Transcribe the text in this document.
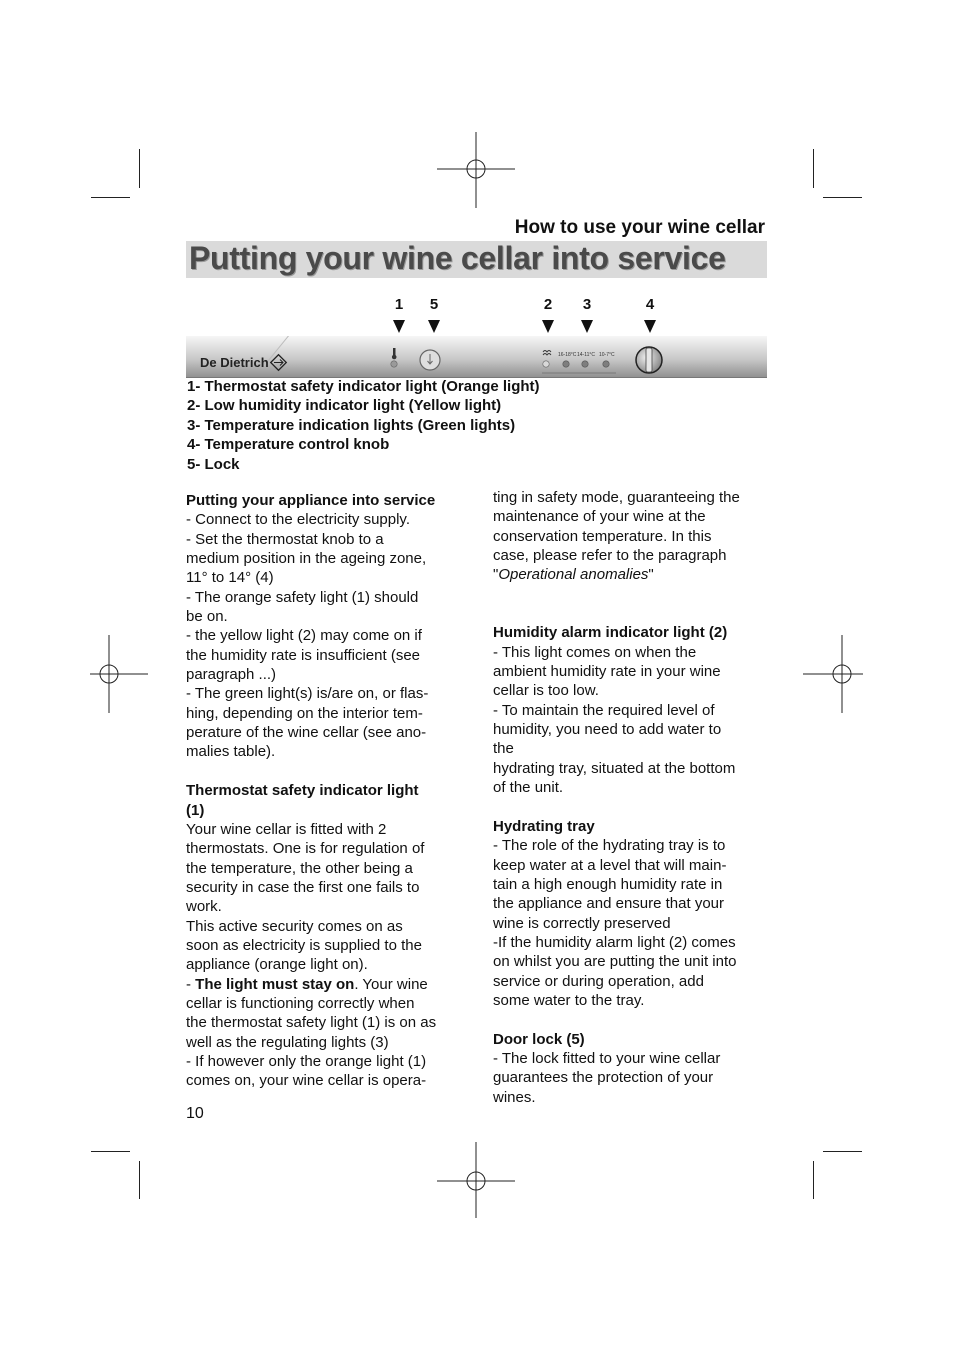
How to use your wine cellar
Putting your wine cellar into service
1	5	2	3	4
De Dietrich	16-18°C 14-11°C 10-7°C
1- Thermostat safety indicator light (Orange light)
2- Low humidity indicator light (Yellow light)
3- Temperature indication lights (Green lights)
4- Temperature control knob
5- Lock

Putting your appliance into service

- Connect to the electricity supply.

- Set the thermostat knob to a

medium position in the ageing zone,

11° to 14° (4)

- The orange safety light (1) should

be on.

- the yellow light (2) may come on if

the humidity rate is insufficient (see

paragraph ...)

- The green light(s) is/are on, or flas-

hing, depending on the interior tem-

perature of the wine cellar (see ano-

malies table).

Thermostat safety indicator light

(1)

Your wine cellar is fitted with 2

thermostats. One is for regulation of

the temperature, the other being a

security in case the first one fails to

work.

This active security comes on as

soon as electricity is supplied to the

appliance (orange light on).

- The light must stay on. Your wine

cellar is functioning correctly when

the thermostat safety light (1) is on as

well as the regulating lights (3)

- If however only the orange light (1)

comes on, your wine cellar is opera-

ting in safety mode, guaranteeing the

maintenance of your wine at the

conservation temperature. In this

case, please refer to the paragraph

"Operational anomalies"

Humidity alarm indicator light (2)

- This light comes on when the

ambient humidity rate in your wine

cellar is too low.

- To maintain the required level of

humidity, you need to add water to

the

hydrating tray, situated at the bottom

of the unit.

Hydrating tray

- The role of the hydrating tray is to

keep water at a level that will main-

tain a high enough humidity rate in

the appliance and ensure that your

wine is correctly preserved

-If the humidity alarm light (2) comes

on whilst you are putting the unit into

service or during operation, add

some water to the tray.

Door lock (5)

- The lock fitted to your wine cellar

guarantees the protection of your

wines.

10
